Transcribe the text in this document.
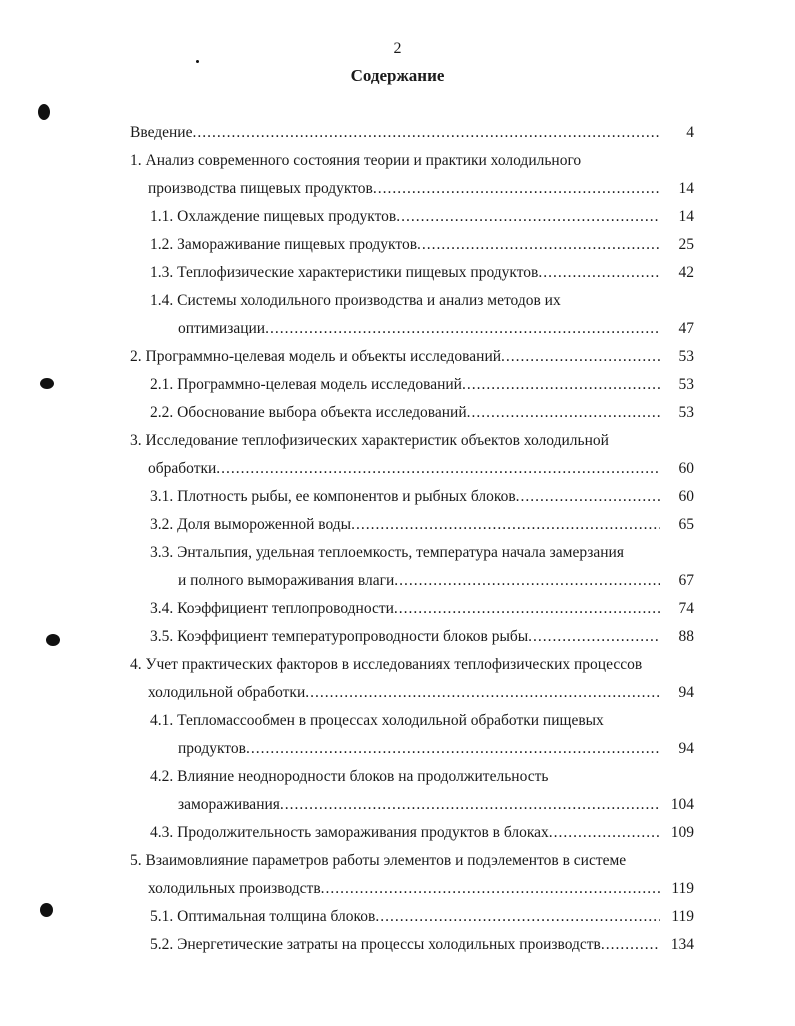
2
Содержание
Введение .....	4
1. Анализ современного состояния теории и практики холодильного
производства пищевых продуктов .....	14
1.1. Охлаждение пищевых продуктов .....	14
1.2. Замораживание пищевых продуктов .....	25
1.3. Теплофизические характеристики пищевых продуктов .....	42
1.4. Системы холодильного производства и анализ методов их
оптимизации .....	47
2. Программно-целевая модель и объекты исследований .....	53
2.1. Программно-целевая модель исследований .....	53
2.2. Обоснование выбора объекта исследований .....	53
3. Исследование теплофизических характеристик объектов холодильной
обработки .....	60
3.1. Плотность рыбы, ее компонентов и рыбных блоков .....	60
3.2. Доля вымороженной воды .....	65
3.3. Энтальпия, удельная теплоемкость, температура начала замерзания
и полного вымораживания влаги .....	67
3.4. Коэффициент теплопроводности .....	74
3.5. Коэффициент температуропроводности блоков рыбы .....	88
4. Учет практических факторов в исследованиях теплофизических процессов
холодильной обработки .....	94
4.1. Тепломассообмен в процессах холодильной обработки пищевых
продуктов .....	94
4.2. Влияние неоднородности блоков на продолжительность
замораживания .....	104
4.3. Продолжительность замораживания продуктов в блоках .....	109
5. Взаимовлияние параметров работы элементов и подэлементов в системе
холодильных производств .....	119
5.1. Оптимальная толщина блоков .....	119
5.2. Энергетические затраты на процессы холодильных производств .....	134
